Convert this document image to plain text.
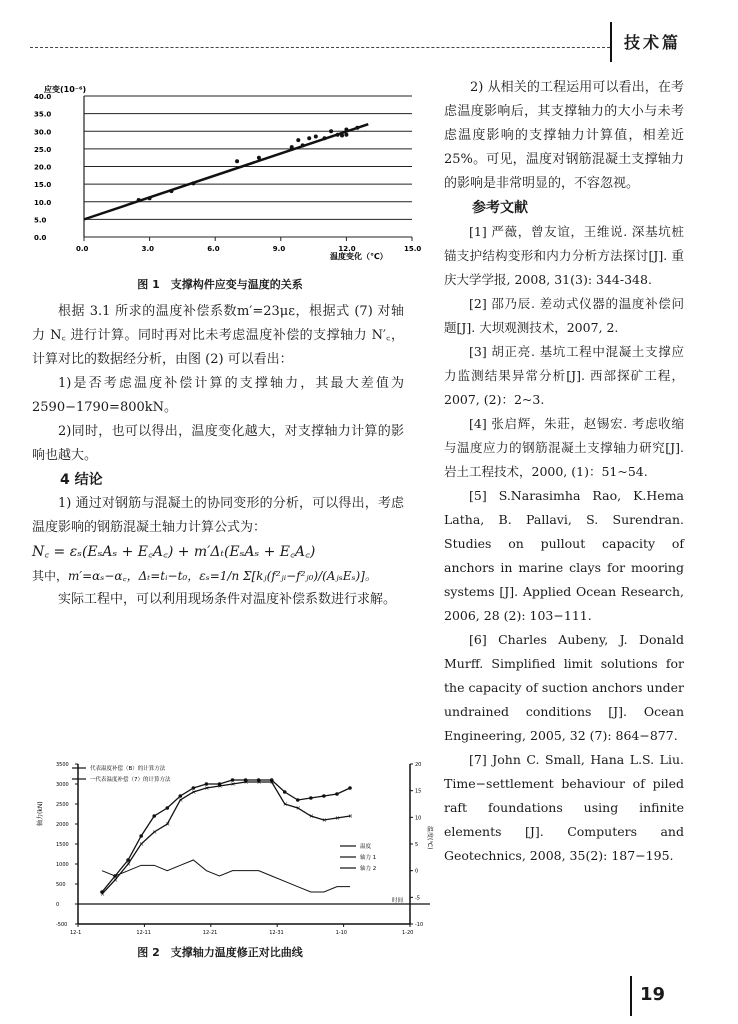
技术篇
应变(10⁻⁶)
温度变化（℃）
0.0
5.0
10.0
15.0
20.0
25.0
30.0
35.0
40.0
0.0	3.0	6.0	9.0	12.0	15.0
图 1　支撑构件应变与温度的关系

根据 3.1 所求的温度补偿系数m′=23με，根据式 (7) 对轴力 N꜀ 进行计算。同时再对比未考虑温度补偿的支撑轴力 N′꜀，计算对比的数据经分析，由图 (2) 可以看出：

1)是否考虑温度补偿计算的支撑轴力，其最大差值为 2590−1790=800kN。

2)同时，也可以得出，温度变化越大，对支撑轴力计算的影响也越大。

4 结论

1) 通过对钢筋与混凝土的协同变形的分析，可以得出，考虑温度影响的钢筋混凝土轴力计算公式为：

N꜀ = εₛ(EₛAₛ + E꜀A꜀) + m′Δₜ(EₛAₛ + E꜀A꜀)

其中，m′=αₛ−α꜀，Δₜ=tᵢ−t₀，εₛ=1/n Σ[kⱼ(f²ⱼᵢ−f²ⱼ₀)/(AⱼₛEₛ)]。

实际工程中，可以利用现场条件对温度补偿系数进行求解。

3500
3000
2500
2000
1500
1000
500
0
-500
20
15
10
5
0
-5
-10
12-1	12-11	12-21	12-31	1-10	1-20
×
×
×
×
×
×
×
×
× × × × × ×
×
×
×
× × ×
代表温度补偿（B）的计算方法
一代表温度补偿（7）的计算方法
温度
轴力 1
轴力 2
轴力(kN)
温度(℃)
时间
图 2　支撑轴力温度修正对比曲线

2) 从相关的工程运用可以看出，在考虑温度影响后，其支撑轴力的大小与未考虑温度影响的支撑轴力计算值，相差近 25%。可见，温度对钢筋混凝土支撑轴力的影响是非常明显的，不容忽视。

参考文献

[1] 严薇，曾友谊，王维说. 深基坑桩锚支护结构变形和内力分析方法探讨[J]. 重庆大学学报, 2008, 31(3): 344-348.

[2] 邵乃辰. 差动式仪器的温度补偿问题[J]. 大坝观测技术，2007, 2.

[3] 胡正亮. 基坑工程中混凝土支撑应力监测结果异常分析[J]. 西部探矿工程，2007, (2)：2~3.

[4] 张启辉，朱莊，赵锡宏. 考虑收缩与温度应力的钢筋混凝土支撑轴力研究[J]. 岩土工程技术，2000, (1)：51~54.

[5] S.Narasimha Rao, K.Hema Latha, B. Pallavi, S. Surendran. Studies on pullout capacity of anchors in marine clays for mooring systems [J]. Applied Ocean Research, 2006, 28 (2): 103−111.

[6] Charles Aubeny, J. Donald Murff. Simplified limit solutions for the capacity of suction anchors under undrained conditions [J]. Ocean Engineering, 2005, 32 (7): 864−877.

[7] John C. Small, Hana L.S. Liu. Time−settlement behaviour of piled raft foundations using infinite elements [J]. Computers and Geotechnics, 2008, 35(2): 187−195.

19
